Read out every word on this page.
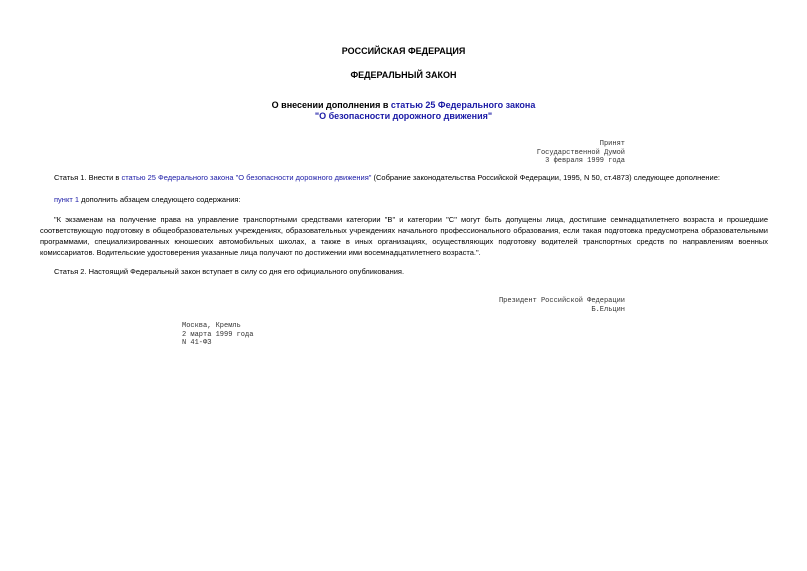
РОССИЙСКАЯ ФЕДЕРАЦИЯ
ФЕДЕРАЛЬНЫЙ ЗАКОН
О внесении дополнения в статью 25 Федерального закона
"О безопасности дорожного движения"
Принят
Государственной Думой
3 февраля 1999 года
Статья 1. Внести в статью 25 Федерального закона "О безопасности дорожного движения" (Собрание законодательства Российской Федерации, 1995, N 50, ст.4873) следующее дополнение:
пункт 1 дополнить абзацем следующего содержания:
"К экзаменам на получение права на управление транспортными средствами категории "B" и категории "C" могут быть допущены лица, достигшие семнадцатилетнего возраста и прошедшие соответствующую подготовку в общеобразовательных учреждениях, образовательных учреждениях начального профессионального образования, если такая подготовка предусмотрена образовательными программами, специализированных юношеских автомобильных школах, а также в иных организациях, осуществляющих подготовку водителей транспортных средств по направлениям военных комиссариатов. Водительские удостоверения указанные лица получают по достижении ими восемнадцатилетнего возраста.".
Статья 2. Настоящий Федеральный закон вступает в силу со дня его официального опубликования.
Президент Российской Федерации
Б.Ельцин
Москва, Кремль
2 марта 1999 года
N 41-ФЗ
